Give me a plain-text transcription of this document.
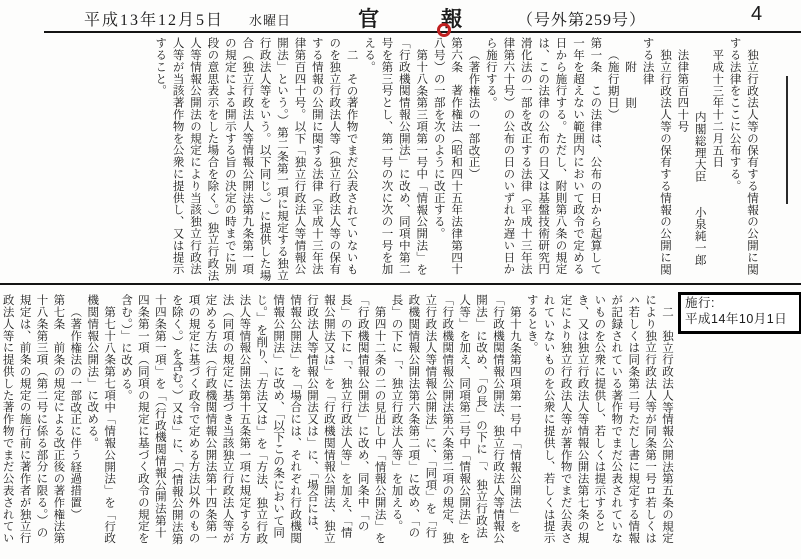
平成13年12月5日 水曜日	官報
（号外第259号）	4

独立行政法人等の保有する情報の公開に関する法律をここに公布する。

平成十三年十二月五日

内閣総理大臣　　小泉純一郎

法律第百四十号

独立行政法人等の保有する情報の公開に関する法律

附　　則

（施行期日）

第一条　この法律は、公布の日から起算して一年を超えない範囲内において政令で定める日から施行する。ただし、附則第八条の規定は、この法律の公布の日又は基盤技術研究円滑化法の一部を改正する法律（平成十三年法律第六十号）の公布の日のいずれか遅い日から施行する。

（著作権法の一部改正）

第六条　著作権法（昭和四十五年法律第四十八号）の一部を次のように改正する。

第十八条第三項第一号中「情報公開法」を「行政機関情報公開法」に改め、同項中第二号を第三号とし、第一号の次に次の一号を加える。

二　その著作物でまだ公表されていないものを独立行政法人等（独立行政法人等の保有する情報の公開に関する法律（平成十三年法律第百四十号。以下「独立行政法人等情報公開法」という。）第二条第一項に規定する独立行政法人等をいう。以下同じ。）に提供した場合（独立行政法人等情報公開法第九条第一項の規定による開示する旨の決定の時までに別段の意思表示をした場合を除く。）独立行政法人等情報公開法の規定により当該独立行政法人等が当該著作物を公衆に提供し、又は提示すること。

施行:
平成14年10月1日

二　独立行政法人等情報公開法第五条の規定により独立行政法人等が同条第一号ロ若しくはハ若しくは同条第二号ただし書に規定する情報が記録されている著作物でまだ公表されていないものを公衆に提供し、若しくは提示するとき、又は独立行政法人等情報公開法第七条の規定により独立行政法人等が著作物でまだ公表されていないものを公衆に提供し、若しくは提示するとき。

第十九条第四項第一号中「情報公開法」を「行政機関情報公開法、独立行政法人等情報公開法」に改め、「の長」の下に「、独立行政法人等」を加え、同項第二号中「情報公開法」を「行政機関情報公開法第六条第二項の規定、独立行政法人等情報公開法」に、「同項」を「行政機関情報公開法第六条第二項」に改め、「の長」の下に「、独立行政法人等」を加える。

第四十二条の二の見出し中「情報公開法」を「行政機関情報公開法」に改め、同条中「の長」の下に「、独立行政法人等」を加え、「情報公開法又は」を「行政機関情報公開法、独立行政法人等情報公開法又は」に、「場合には、情報公開法」を「場合には、それぞれ行政機関情報公開法」に改め、「以下この条において同じ。」を削り、「方法又は」を「方法、独立行政法人等情報公開法第十五条第一項に規定する方法（同項の規定に基づき当該独立行政法人等が定める方法（行政機関情報公開法第十四条第一項の規定に基づく政令で定める方法以外のものを除く。）を含む。）又は」に、「（情報公開法第十四条第一項」を「（行政機関情報公開法第十四条第一項（同項の規定に基づく政令の規定を含む。）」に改める。

第七十八条第七項中「情報公開法」を「行政機関情報公開法」に改める。

（著作権法の一部改正に伴う経過措置）

第七条　前条の規定による改正後の著作権法第十八条第三項（第二号に係る部分に限る。）の規定は、前条の規定の施行前に著作者が独立行政法人等に提供した著作物でまだ公表されてい
